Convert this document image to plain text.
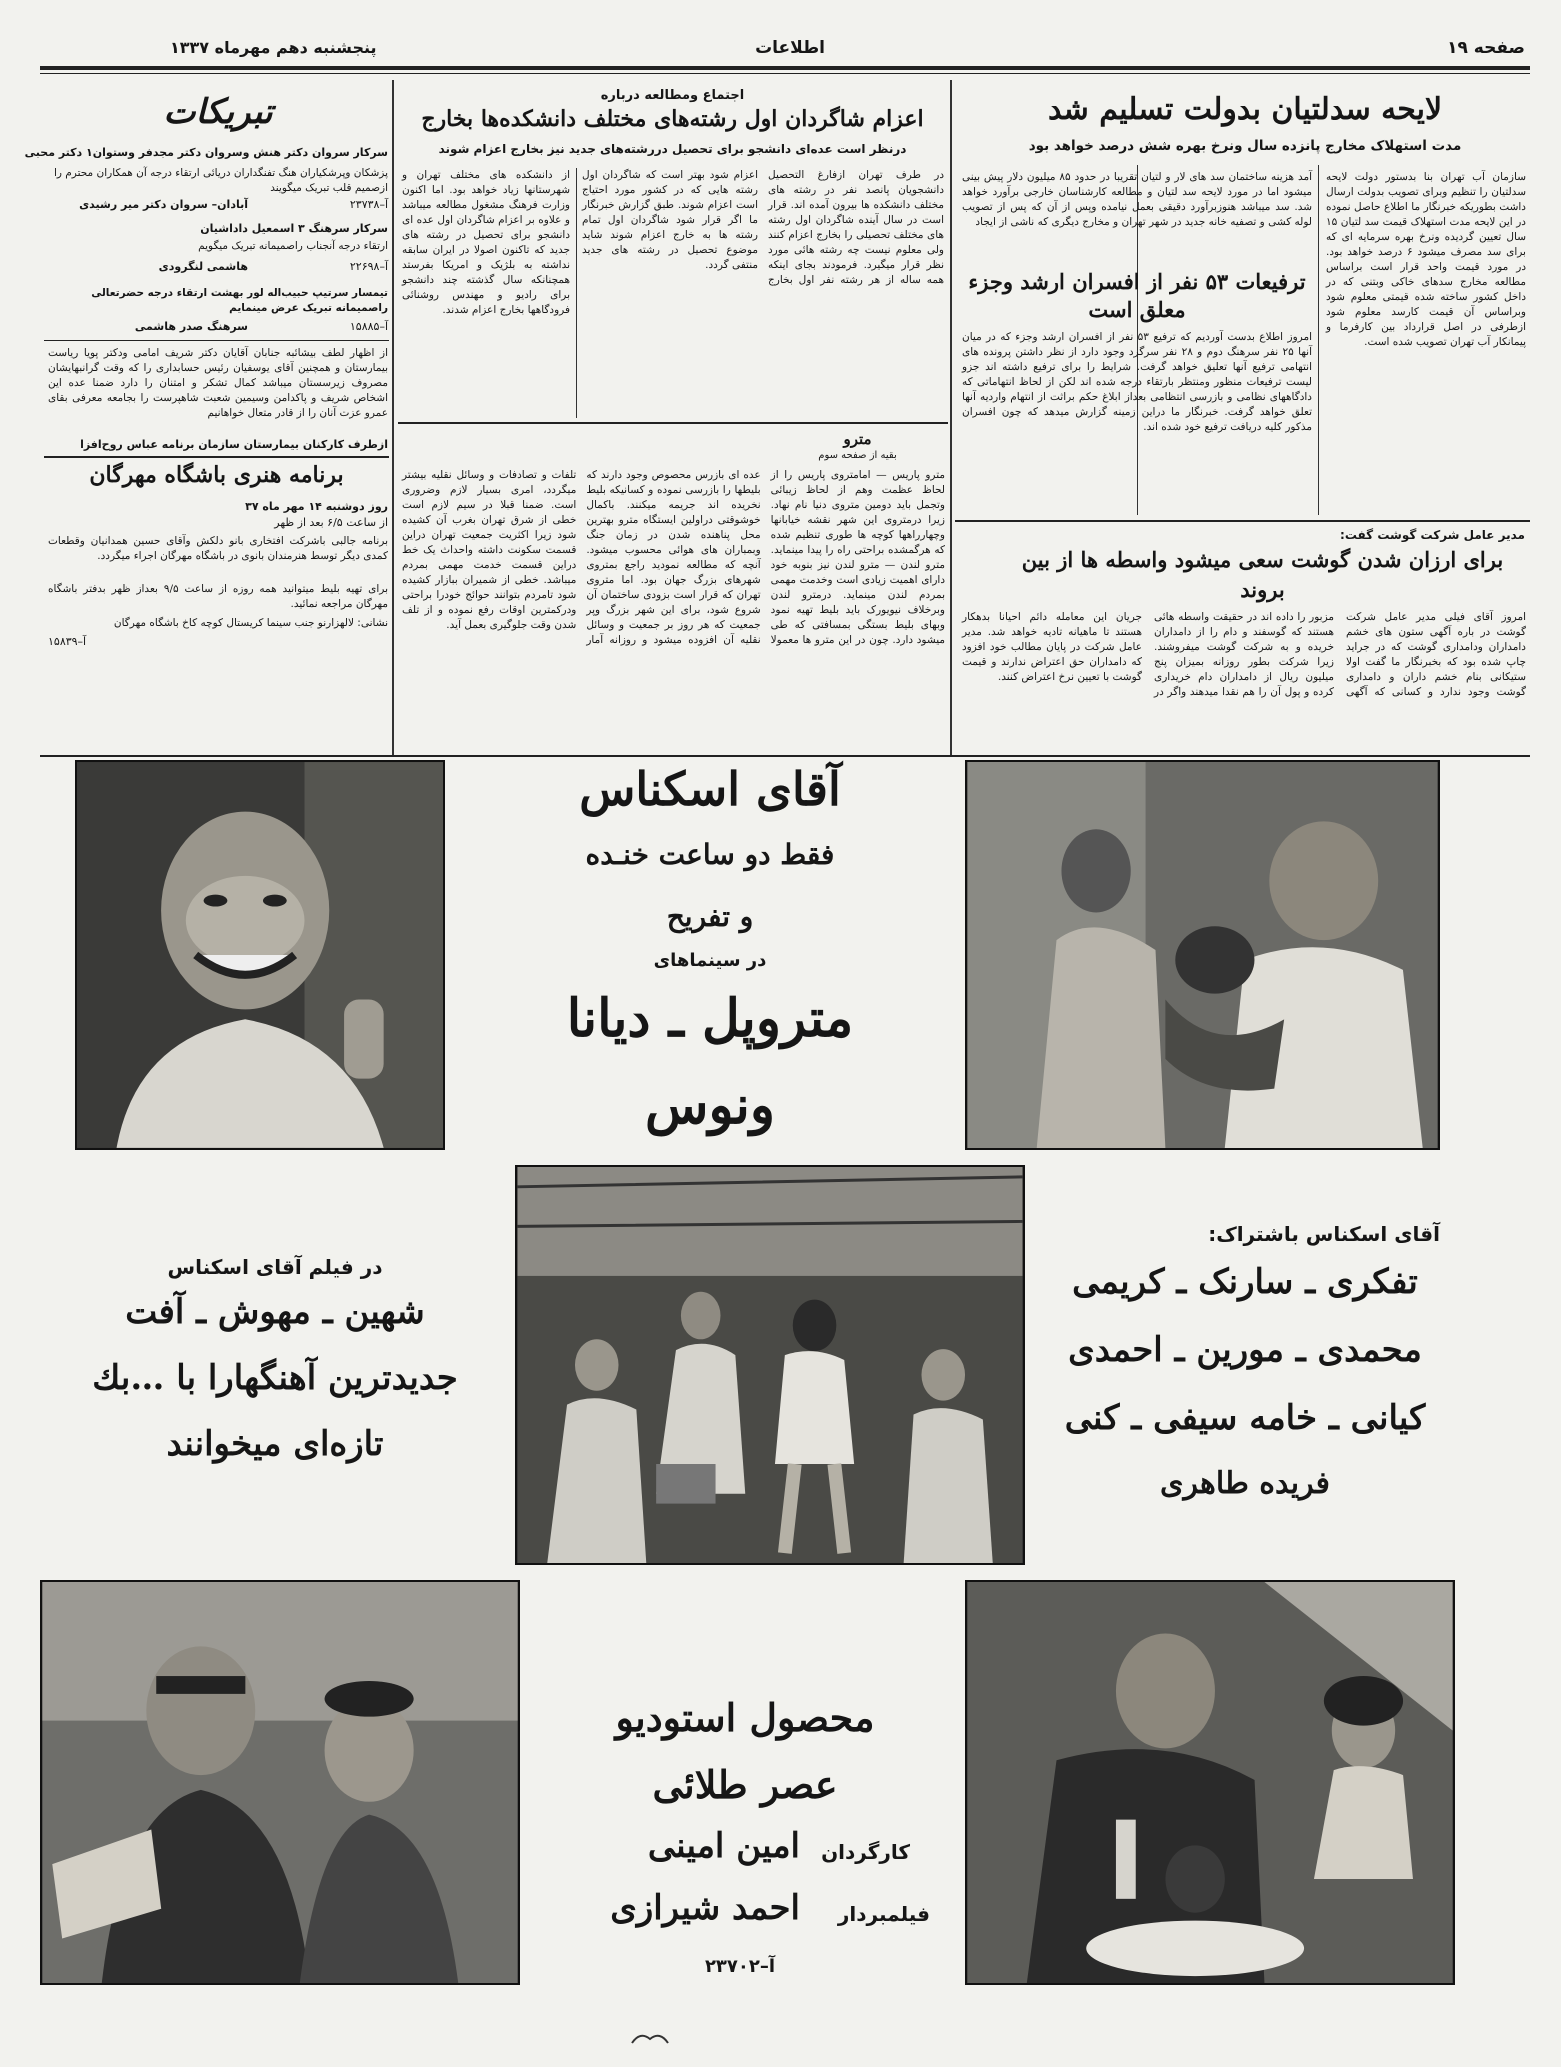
صفحه ۱۹
اطلاعات
پنجشنبه دهم مهرماه ۱۳۳۷
لایحه سدلتیان بدولت تسلیم شد
مدت استهلاک مخارج پانزده سال ونرخ بهره شش درصد خواهد بود
سازمان آب تهران بنا بدستور دولت لایحه سدلتیان را تنظیم وبرای تصویب بدولت ارسال داشت بطوریکه خبرنگار ما اطلاع حاصل نموده در این لایحه مدت استهلاک قیمت سد لتیان ۱۵ سال تعیین گردیده ونرخ بهره سرمایه ای که برای سد مصرف میشود ۶ درصد خواهد بود. در مورد قیمت واحد قرار است براساس مطالعه مخارج سدهای خاکی وبتنی که در داخل کشور ساخته شده قیمتی معلوم شود وبراساس آن قیمت کارسد معلوم شود ازطرفی در اصل قرارداد بین کارفرما و پیمانکار آب تهران تصویب شده است.
آمد هزینه ساختمان سد های لار و لتیان تقریبا در حدود ۸۵ میلیون دلار پیش بینی میشود اما در مورد لایحه سد لتیان و مطالعه کارشناسان خارجی برآورد خواهد شد. سد میباشد هنوزبرآورد دقیقی بعمل نیامده وپس از آن که پس از تصویب لوله کشی و تصفیه خانه جدید در شهر تهران و مخارج دیگری که ناشی از ایجاد
ترفیعات ۵۳ نفر از افسران ارشد وجزء معلق است
امروز اطلاع بدست آوردیم که ترفیع ۵۳ نفر از افسران ارشد وجزء که در میان آنها ۲۵ نفر سرهنگ دوم و ۲۸ نفر سرگرد وجود دارد از نظر داشتن پرونده های انتهامی ترفیع آنها تعلیق خواهد گرفت. شرایط را برای ترفیع داشته اند جزو لیست ترفیعات منظور ومنتظر بارتقاء درجه شده اند لکن از لحاظ انتهاماتی که دادگاههای نظامی و بازرسی انتظامی بعداز ابلاغ حکم براثت از انتهام واردیه آنها تعلق خواهد گرفت. خبرنگار ما دراین زمینه گزارش میدهد که چون افسران مذکور کلیه دریافت ترفیع خود شده اند.
مدیر عامل شرکت گوشت گفت:
برای ارزان شدن گوشت سعی میشود واسطه ها از بین بروند
امروز آقای فیلی مدیر عامل شرکت گوشت در باره آگهی ستون های خشم دامداران ودامداری گوشت که در جراید چاپ شده بود که بخبرنگار ما گفت اولا ستیکانی بنام خشم داران و دامداری گوشت وجود ندارد و کسانی که آگهی مزبور را داده اند در حقیقت واسطه هائی هستند که گوسفند و دام را از دامداران خریده و به شرکت گوشت میفروشند. زیرا شرکت بطور روزانه بمیزان پنج میلیون ریال از دامداران دام خریداری کرده و پول آن را هم نقدا میدهند واگر در جریان این معامله دائم احیانا بدهکار هستند تا ماهیانه تادیه خواهد شد. مدیر عامل شرکت در پایان مطالب خود افزود که دامداران حق اعتراض ندارند و قیمت گوشت با تعیین نرخ اعتراض کنند.
اجتماع ومطالعه درباره
اعزام شاگردان اول رشته‌های مختلف دانشکده‌ها بخارج
درنظر است عده‌ای دانشجو برای تحصیل دررشته‌های جدید نیز بخارج اعزام شوند
در طرف تهران ازفارغ التحصیل دانشجویان پانصد نفر در رشته های مختلف دانشکده ها بیرون آمده اند. قرار است در سال آینده شاگردان اول رشته های مختلف تحصیلی را بخارج اعزام کنند ولی معلوم نیست چه رشته هائی مورد نظر قرار میگیرد. فرمودند بجای اینکه همه ساله از هر رشته نفر اول بخارج اعزام شود بهتر است که شاگردان اول رشته هایی که در کشور مورد احتیاج است اعزام شوند. طبق گزارش خبرنگار ما اگر قرار شود شاگردان اول تمام رشته ها به خارج اعزام شوند شاید موضوع تحصیل در رشته های جدید منتفی گردد.
از دانشکده های مختلف تهران و شهرستانها زیاد خواهد بود. اما اکنون وزارت فرهنگ مشغول مطالعه میباشد و علاوه بر اعزام شاگردان اول عده ای دانشجو برای تحصیل در رشته های جدید که تاکنون اصولا در ایران سابقه نداشته به بلژیک و امریکا بفرستد همچنانکه سال گذشته چند دانشجو برای رادیو و مهندس روشنائی فرودگاهها بخارج اعزام شدند.
مترو
بقیه از صفحه سوم
مترو پاریس — امامتروی پاریس را از لحاظ عظمت وهم از لحاظ زیبائی وتجمل باید دومین متروی دنیا نام نهاد. زیرا درمتروی این شهر نقشه خیابانها وچهارراهها کوچه ها طوری تنظیم شده که هرگمشده براحتی راه را پیدا مینماید. مترو لندن — مترو لندن نیز بنوبه خود دارای اهمیت زیادی است وخدمت مهمی بمردم لندن مینماید. درمترو لندن وبرخلاف نیویورک باید بلیط تهیه نمود وبهای بلیط بستگی بمسافتی که طی میشود دارد. چون در این مترو ها معمولا عده ای بازرس محصوص وجود دارند که بلیطها را بازرسی نموده و کسانیکه بلیط نخریده اند جریمه میکنند. باکمال خوشوقتی دراولین ایستگاه مترو بهترین محل پناهنده شدن در زمان جنگ وبمباران های هوائی محسوب میشود. آنچه که مطالعه نمودید راجع بمتروی شهرهای بزرگ جهان بود. اما متروی تهران که قرار است بزودی ساختمان آن شروع شود، برای این شهر بزرگ وپر جمعیت که هر روز بر جمعیت و وسائل نقلیه آن افزوده میشود و روزانه آمار تلفات و تصادفات و وسائل نقلیه بیشتر میگردد، امری بسیار لازم وضروری است. ضمنا قبلا در سیم لازم است خطی از شرق تهران بغرب آن کشیده شود زیرا اکثریت جمعیت تهران دراین قسمت سکونت داشته واحداث یک خط دراین قسمت خدمت مهمی بمردم میباشد. خطی از شمیران ببازار کشیده شود تامردم بتوانند حوائج خودرا براحتی ودرکمترین اوقات رفع نموده و از تلف شدن وقت جلوگیری بعمل آید.
تبریکات
سرکار سروان دکتر هنش وسروان دکتر مجدفر وستوان۱ دکتر محبی
پزشکان وپرشکیاران هنگ تفنگداران دریائی ارتقاء درجه آن همکاران محترم را ازصمیم قلب تبریک میگویند
آ–۲۳۷۳۸
آبادان– سروان دکتر میر رشیدی
سرکار سرهنگ ۳ اسمعیل داداشیان
ارتقاء درجه آنجناب راصمیمانه تبریک میگویم
آ–۲۲۶۹۸
هاشمی لنگرودی
تیمسار سرتیپ حبیب‌اله لور بهشت ارتقاء درجه حضرتعالی راصمیمانه تبریک عرض مینمایم
آ–۱۵۸۸۵
سرهنگ صدر هاشمی
از اظهار لطف بیشائبه جنابان آقایان دکتر شریف امامی ودکتر پویا ریاست بیمارستان و همچنین آقای یوسفیان رئیس حسابداری را که وقت گرانبهایشان مصروف زیرسستان میباشد کمال تشکر و امتنان را دارد ضمنا عده این اشخاص شریف و پاکدامن وسیمین شعبت شاهپرست را بجامعه معرفی بقای عمرو عزت آنان را از قادر متعال خواهانیم
ازطرف کارکنان بیمارستان سازمان برنامه عباس روح‌افزا
برنامه هنری باشگاه مهرگان
روز دوشنبه ۱۴ مهر ماه ۳۷
از ساعت ۶/۵ بعد از ظهر
برنامه جالبی باشرکت افتخاری بانو دلکش وآقای حسین همدانیان وقطعات کمدی دیگر توسط هنرمندان بانوی در باشگاه مهرگان اجراء میگردد.
برای تهیه بلیط میتوانید همه روزه از ساعت ۹/۵ بعداز ظهر بدفتر باشگاه مهرگان مراجعه نمائید.
نشانی: لالهزارنو جنب سینما کریستال کوچه کاخ باشگاه مهرگان
آ–۱۵۸۳۹
آقای اسکناس
فقط دو ساعت خنـده
و تفریح
در سینماهای
متروپل ـ دیانا
ونوس
آقای اسکناس باشتراک:
تفکری ـ سارنک ـ کریمی
محمدی ـ مورین ـ احمدی
کیانی ـ خامه سیفی ـ کنی
فریده طاهری
در فیلم آقای اسکناس
شهین ـ مهوش ـ آفت
جدیدترین آهنگهارا با …بك
تازه‌ای میخوانند
محصول استودیو
عصر طلائی
کارگردان
امین امینی
فیلمبردار
احمد شیرازی
آ–۲۳۷۰۲
